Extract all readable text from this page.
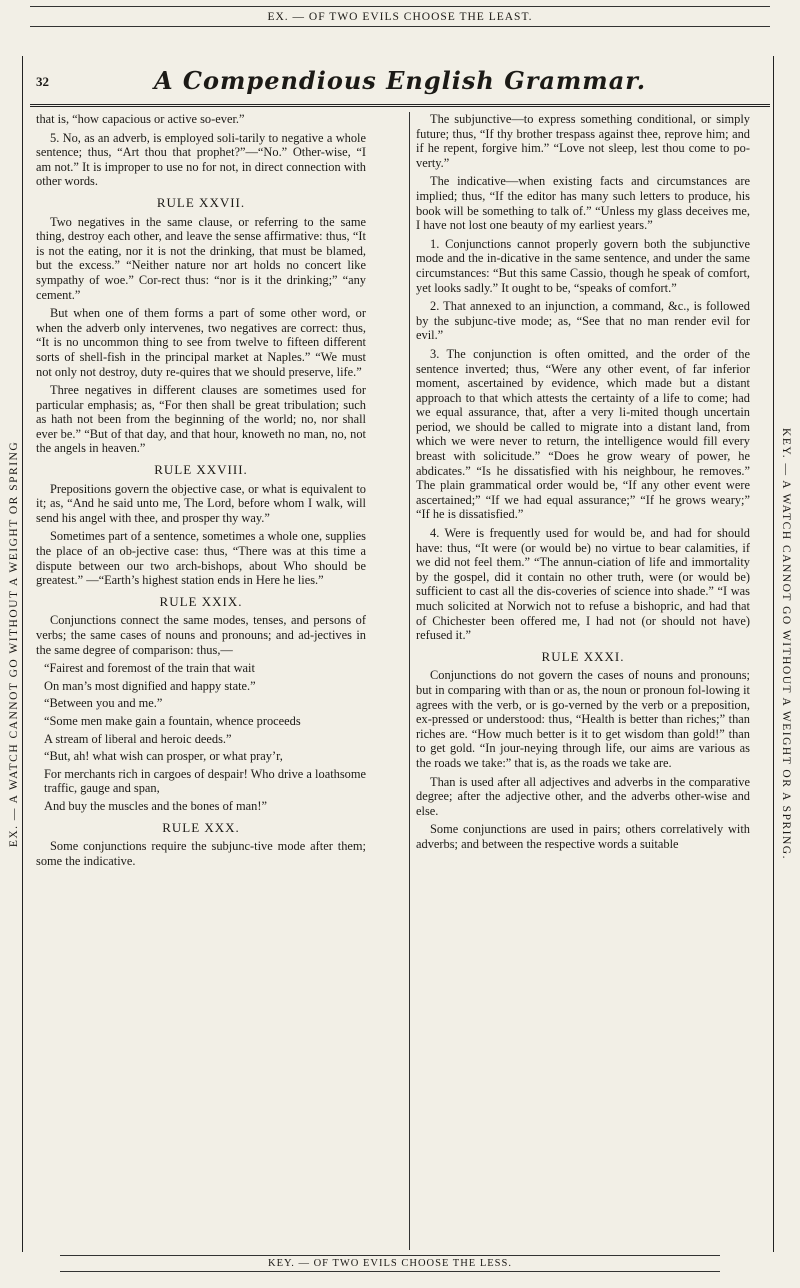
EX. — OF TWO EVILS CHOOSE THE LEAST.
EX. — A WATCH CANNOT GO WITHOUT A WEIGHT OR SPRING	KEY. — A WATCH CANNOT GO WITHOUT A WEIGHT OR A SPRING.
32	A Compendious English Grammar.

that is, “how capacious or active so-ever.”

5. No, as an adverb, is employed soli-tarily to negative a whole sentence; thus, “Art thou that prophet?”—“No.” Other-wise, “I am not.” It is improper to use no for not, in direct connection with other words.

RULE XXVII.

Two negatives in the same clause, or referring to the same thing, destroy each other, and leave the sense affirmative: thus, “It is not the eating, nor it is not the drinking, that must be blamed, but the excess.” “Neither nature nor art holds no concert like sympathy of woe.” Cor-rect thus: “nor is it the drinking;” “any cement.”

But when one of them forms a part of some other word, or when the adverb only intervenes, two negatives are correct: thus, “It is no uncommon thing to see from twelve to fifteen different sorts of shell-fish in the principal market at Naples.” “We must not only not destroy, duty re-quires that we should preserve, life.”

Three negatives in different clauses are sometimes used for particular emphasis; as, “For then shall be great tribulation; such as hath not been from the beginning of the world; no, nor shall ever be.” “But of that day, and that hour, knoweth no man, no, not the angels in heaven.”

RULE XXVIII.

Prepositions govern the objective case, or what is equivalent to it; as, “And he said unto me, The Lord, before whom I walk, will send his angel with thee, and prosper thy way.”

Sometimes part of a sentence, sometimes a whole one, supplies the place of an ob-jective case: thus, “There was at this time a dispute between our two arch-bishops, about Who should be greatest.” —“Earth’s highest station ends in Here he lies.”

RULE XXIX.

Conjunctions connect the same modes, tenses, and persons of verbs; the same cases of nouns and pronouns; and ad-jectives in the same degree of comparison: thus,—

“Fairest and foremost of the train that wait

On man’s most dignified and happy state.”

“Between you and me.”

“Some men make gain a fountain, whence proceeds

A stream of liberal and heroic deeds.”

“But, ah! what wish can prosper, or what pray’r,

For merchants rich in cargoes of despair! Who drive a loathsome traffic, gauge and span,

And buy the muscles and the bones of man!”

RULE XXX.

Some conjunctions require the subjunc-tive mode after them; some the indicative.

The subjunctive—to express something conditional, or simply future; thus, “If thy brother trespass against thee, reprove him; and if he repent, forgive him.” “Love not sleep, lest thou come to po-verty.”

The indicative—when existing facts and circumstances are implied; thus, “If the editor has many such letters to produce, his book will be something to talk of.” “Unless my glass deceives me, I have not lost one beauty of my earliest years.”

1. Conjunctions cannot properly govern both the subjunctive mode and the in-dicative in the same sentence, and under the same circumstances: “But this same Cassio, though he speak of comfort, yet looks sadly.” It ought to be, “speaks of comfort.”

2. That annexed to an injunction, a command, &c., is followed by the subjunc-tive mode; as, “See that no man render evil for evil.”

3. The conjunction is often omitted, and the order of the sentence inverted; thus, “Were any other event, of far inferior moment, ascertained by evidence, which made but a distant approach to that which attests the certainty of a life to come; had we equal assurance, that, after a very li-mited though uncertain period, we should be called to migrate into a distant land, from which we were never to return, the intelligence would fill every breast with solicitude.” “Does he grow weary of power, he abdicates.” “Is he dissatisfied with his neighbour, he removes.” The plain grammatical order would be, “If any other event were ascertained;” “If we had equal assurance;” “If he grows weary;” “If he is dissatisfied.”

4. Were is frequently used for would be, and had for should have: thus, “It were (or would be) no virtue to bear calamities, if we did not feel them.” “The annun-ciation of life and immortality by the gospel, did it contain no other truth, were (or would be) sufficient to cast all the dis-coveries of science into shade.” “I was much solicited at Norwich not to refuse a bishopric, and had that of Chichester been offered me, I had not (or should not have) refused it.”

RULE XXXI.

Conjunctions do not govern the cases of nouns and pronouns; but in comparing with than or as, the noun or pronoun fol-lowing it agrees with the verb, or is go-verned by the verb or a preposition, ex-pressed or understood: thus, “Health is better than riches;” than riches are. “How much better is it to get wisdom than gold!” than to get gold. “In jour-neying through life, our aims are various as the roads we take:” that is, as the roads we take are.

Than is used after all adjectives and adverbs in the comparative degree; after the adjective other, and the adverbs other-wise and else.

Some conjunctions are used in pairs; others correlatively with adverbs; and between the respective words a suitable

KEY. — OF TWO EVILS CHOOSE THE LESS.
